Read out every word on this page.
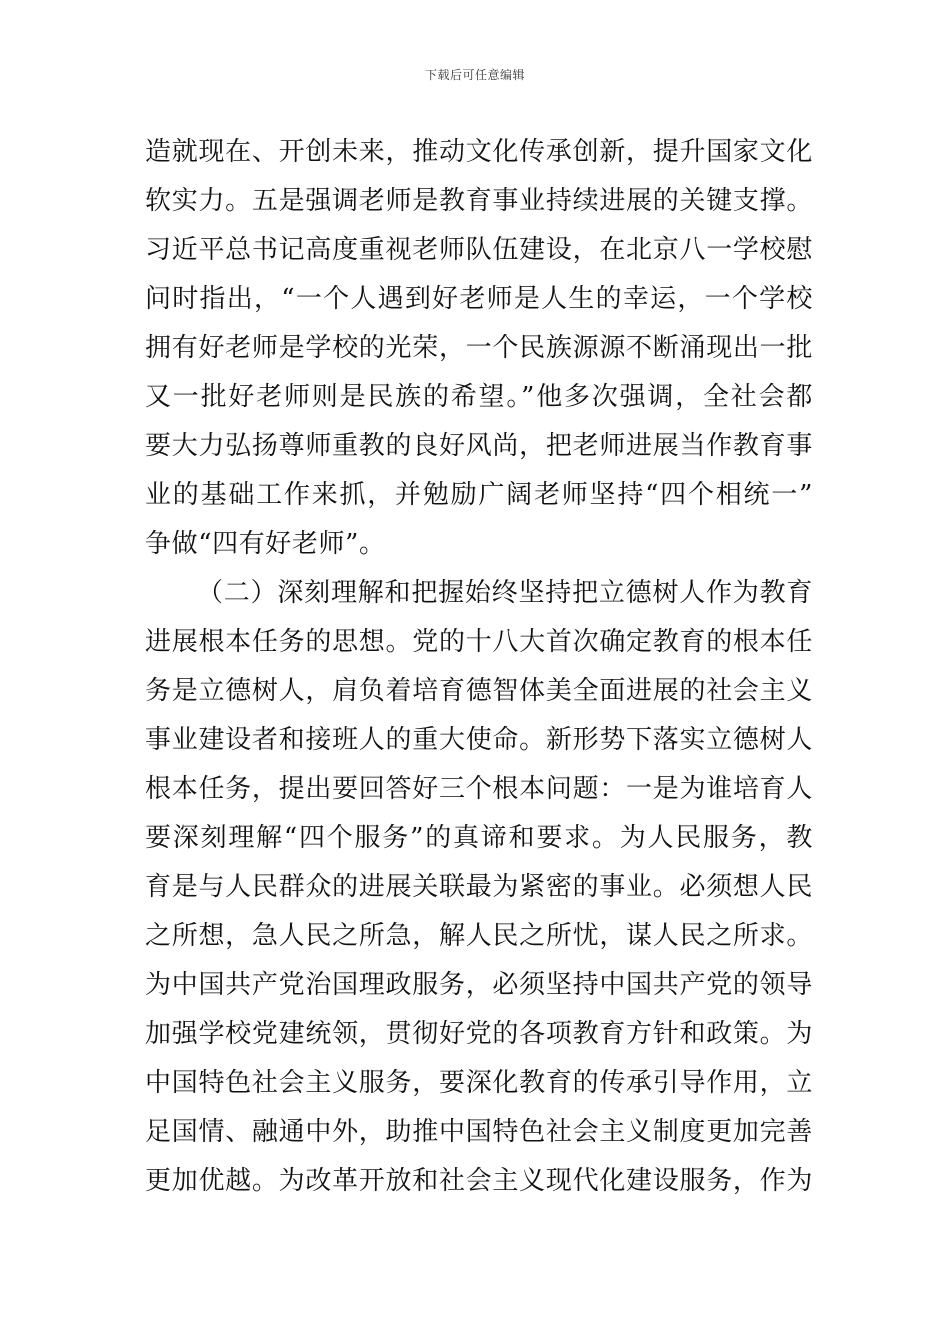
下载后可任意编辑
造就现在、开创未来，推动文化传承创新，提升国家文化
软实力。五是强调老师是教育事业持续进展的关键支撑。
习近平总书记高度重视老师队伍建设，在北京八一学校慰
问时指出，“一个人遇到好老师是人生的幸运，一个学校
拥有好老师是学校的光荣，一个民族源源不断涌现出一批
又一批好老师则是民族的希望。”他多次强调，全社会都
要大力弘扬尊师重教的良好风尚，把老师进展当作教育事
业的基础工作来抓，并勉励广阔老师坚持“四个相统一”
争做“四有好老师”。
（二）深刻理解和把握始终坚持把立德树人作为教育
进展根本任务的思想。党的十八大首次确定教育的根本任
务是立德树人，肩负着培育德智体美全面进展的社会主义
事业建设者和接班人的重大使命。新形势下落实立德树人
根本任务，提出要回答好三个根本问题：一是为谁培育人
要深刻理解“四个服务”的真谛和要求。为人民服务，教
育是与人民群众的进展关联最为紧密的事业。必须想人民
之所想，急人民之所急，解人民之所忧，谋人民之所求。
为中国共产党治国理政服务，必须坚持中国共产党的领导
加强学校党建统领，贯彻好党的各项教育方针和政策。为
中国特色社会主义服务，要深化教育的传承引导作用，立
足国情、融通中外，助推中国特色社会主义制度更加完善
更加优越。为改革开放和社会主义现代化建设服务，作为
